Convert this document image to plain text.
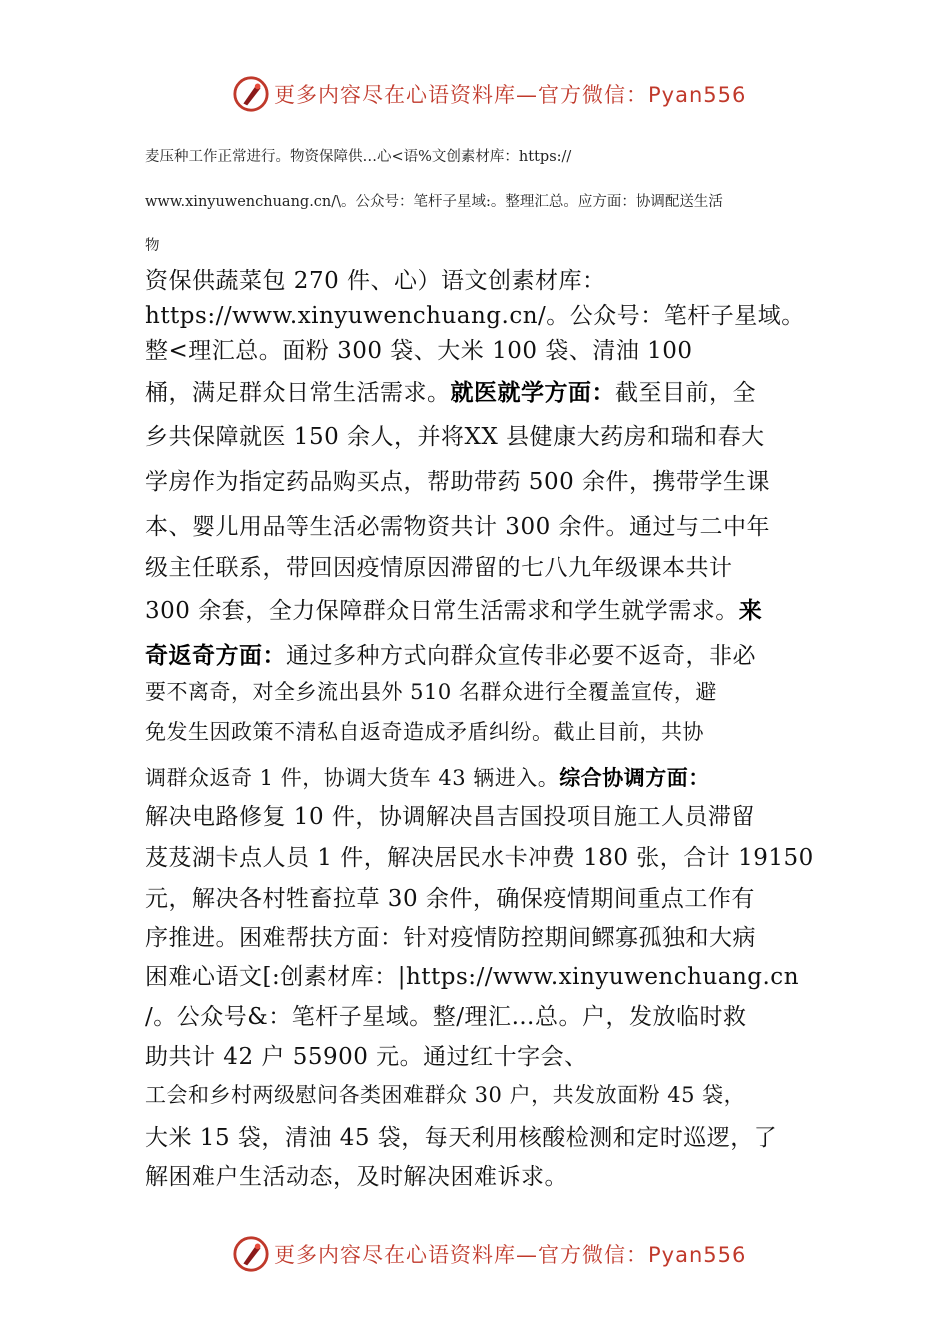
更多内容尽在心语资料库—官方微信：Pyan556
麦压种工作正常进行。物资保障供…心<语%文创素材库：https://
www.xinyuwenchuang.cn/\。公众号：笔杆子星域:。整理汇总。应方面：协调配送生活
物
资保供蔬菜包 270 件、心）语文创素材库：
https://www.xinyuwenchuang.cn/。公众号：笔杆子星域。
整<理汇总。面粉 300 袋、大米 100 袋、清油 100
桶，满足群众日常生活需求。就医就学方面：截至目前，全
乡共保障就医 150 余人，并将XX 县健康大药房和瑞和春大
学房作为指定药品购买点，帮助带药 500 余件，携带学生课
本、婴儿用品等生活必需物资共计 300 余件。通过与二中年
级主任联系，带回因疫情原因滞留的七八九年级课本共计
300 余套，全力保障群众日常生活需求和学生就学需求。来
奇返奇方面：通过多种方式向群众宣传非必要不返奇，非必
要不离奇，对全乡流出县外 510 名群众进行全覆盖宣传，避
免发生因政策不清私自返奇造成矛盾纠纷。截止目前，共协
调群众返奇 1 件，协调大货车 43 辆进入。综合协调方面：
解决电路修复 10 件，协调解决昌吉国投项目施工人员滞留
芨芨湖卡点人员 1 件，解决居民水卡冲费 180 张，合计 19150
元，解决各村牲畜拉草 30 余件，确保疫情期间重点工作有
序推进。困难帮扶方面：针对疫情防控期间鳏寡孤独和大病
困难心语文[:创素材库：|https://www.xinyuwenchuang.cn
/。公众号&：笔杆子星域。整/理汇…总。户，发放临时救
助共计 42 户 55900 元。通过红十字会、
工会和乡村两级慰问各类困难群众 30 户，共发放面粉 45 袋，
大米 15 袋，清油 45 袋，每天利用核酸检测和定时巡逻，了
解困难户生活动态，及时解决困难诉求。
更多内容尽在心语资料库—官方微信：Pyan556
